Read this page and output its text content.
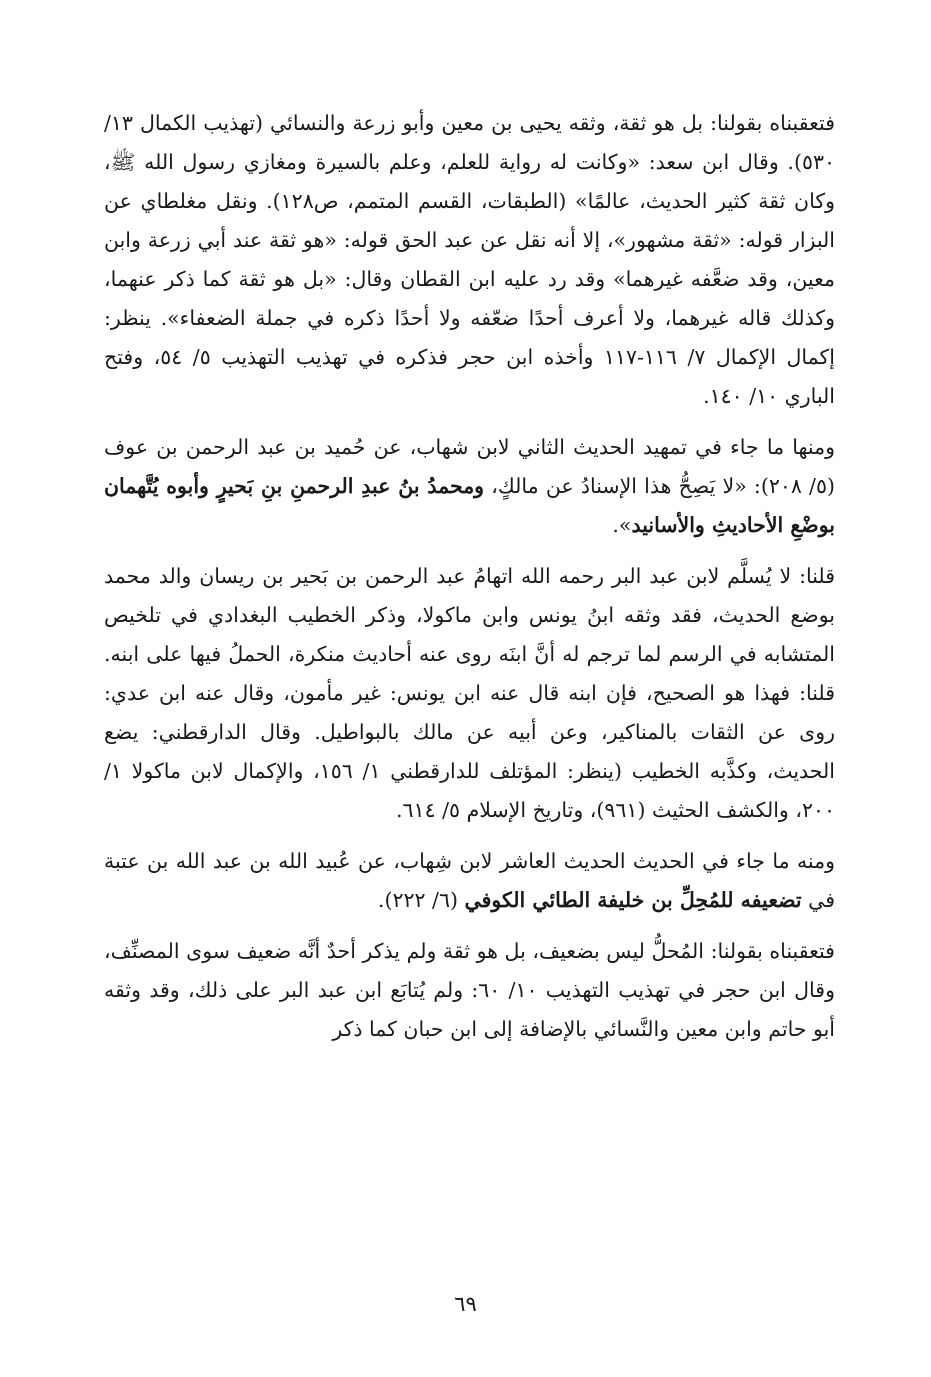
فتعقبناه بقولنا: بل هو ثقة، وثقه يحيى بن معين وأبو زرعة والنسائي (تهذيب الكمال ١٣/ ٥٣٠). وقال ابن سعد: «وكانت له رواية للعلم، وعلم بالسيرة ومغازي رسول الله ﷺ، وكان ثقة كثير الحديث، عالمًا» (الطبقات، القسم المتمم، ص١٢٨). ونقل مغلطاي عن البزار قوله: «ثقة مشهور»، إلا أنه نقل عن عبد الحق قوله: «هو ثقة عند أبي زرعة وابن معين، وقد ضعَّفه غيرهما» وقد رد عليه ابن القطان وقال: «بل هو ثقة كما ذكر عنهما، وكذلك قاله غيرهما، ولا أعرف أحدًا ضعّفه ولا أحدًا ذكره في جملة الضعفاء». ينظر: إكمال الإكمال ٧/ ١١٦-١١٧ وأخذه ابن حجر فذكره في تهذيب التهذيب ٥/ ٥٤، وفتح الباري ١٠/ ١٤٠.

ومنها ما جاء في تمهيد الحديث الثاني لابن شهاب، عن حُميد بن عبد الرحمن بن عوف (٥/ ٢٠٨): «لا يَصِحُّ هذا الإسنادُ عن مالكٍ، ومحمدُ بنُ عبدِ الرحمنِ بنِ بَحيرٍ وأبوه يُتَّهمان بوضْعِ الأحاديثِ والأسانيد».

قلنا: لا يُسلَّم لابن عبد البر رحمه الله اتهامُ عبد الرحمن بن بَحير بن ريسان والد محمد بوضع الحديث، فقد وثقه ابنُ يونس وابن ماكولا، وذكر الخطيب البغدادي في تلخيص المتشابه في الرسم لما ترجم له أنَّ ابنَه روى عنه أحاديث منكرة، الحملُ فيها على ابنه. قلنا: فهذا هو الصحيح، فإن ابنه قال عنه ابن يونس: غير مأمون، وقال عنه ابن عدي: روى عن الثقات بالمناكير، وعن أبيه عن مالك بالبواطيل. وقال الدارقطني: يضع الحديث، وكذَّبه الخطيب (ينظر: المؤتلف للدارقطني ١/ ١٥٦، والإكمال لابن ماكولا ١/ ٢٠٠، والكشف الحثيث (٩٦١)، وتاريخ الإسلام ٥/ ٦١٤.

ومنه ما جاء في الحديث الحديث العاشر لابن شِهاب، عن عُبيد الله بن عبد الله بن عتبة في تضعيفه للمُحِلِّ بن خليفة الطائي الكوفي (٦/ ٢٢٢).

فتعقبناه بقولنا: المُحلُّ ليس بضعيف، بل هو ثقة ولم يذكر أحدٌ أنَّه ضعيف سوى المصنِّف، وقال ابن حجر في تهذيب التهذيب ١٠/ ٦٠: ولم يُتابَع ابن عبد البر على ذلك، وقد وثقه أبو حاتم وابن معين والنَّسائي بالإضافة إلى ابن حبان كما ذكر

٦٩
